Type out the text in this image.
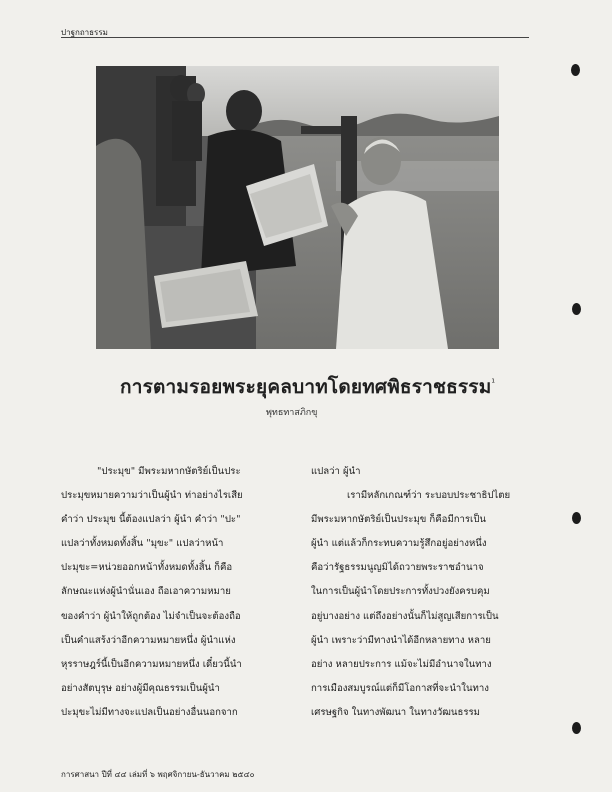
ปาฐกถาธรรม
การตามรอยพระยุคลบาทโดยทศพิธราชธรรม$^{^1}$
พุทธทาสภิกขุ
"ประมุข" มีพระมหากษัตริย์เป็นประ
ประมุขหมายความว่าเป็นผู้นำ ท่าอย่างไรเสีย
คำว่า ประมุข นี้ต้องแปลว่า ผู้นำ คำว่า "ปะ"
แปลว่าทั้งหมดทั้งสิ้น "มุขะ" แปลว่าหน้า
ปะมุขะ=หน่วยออกหน้าทั้งหมดทั้งสิ้น ก็คือ
ลักษณะแห่งผู้นำนั่นเอง ถือเอาความหมาย
ของคำว่า ผู้นำให้ถูกต้อง ไม่จำเป็นจะต้องถือ
เป็นคำแสร้งว่าอีกความหมายหนึ่ง ผู้นำแห่ง
หุรราษฎร์นี้เป็นอีกความหมายหนึ่ง เดี๋ยวนี้นำ
อย่างสัตบุรุษ อย่างผู้มีคุณธรรมเป็นผู้นำ
ปะมุขะไม่มีทางจะแปลเป็นอย่างอื่นนอกจาก
แปลว่า ผู้นำ
เรามีหลักเกณฑ์ว่า ระบอบประชาธิปไตย
มีพระมหากษัตริย์เป็นประมุข ก็คือมีการเป็น
ผู้นำ แต่แล้วก็กระทบความรู้สึกอยู่อย่างหนึ่ง
คือว่ารัฐธรรมนูญมิได้ถวายพระราชอำนาจ
ในการเป็นผู้นำโดยประการทั้งปวงยังครบคุม
อยู่บางอย่าง แต่ถึงอย่างนั้นก็ไม่สูญเสียการเป็น
ผู้นำ เพราะว่ามีทางนำได้อีกหลายทาง หลาย
อย่าง หลายประการ แม้จะไม่มีอำนาจในทาง
การเมืองสมบูรณ์แต่ก็มีโอกาสที่จะนำในทาง
เศรษฐกิจ ในทางพัฒนา ในทางวัฒนธรรม
การศาสนา ปีที่ ๔๔ เล่มที่ ๖ พฤศจิกายน-ธันวาคม ๒๕๔๐
